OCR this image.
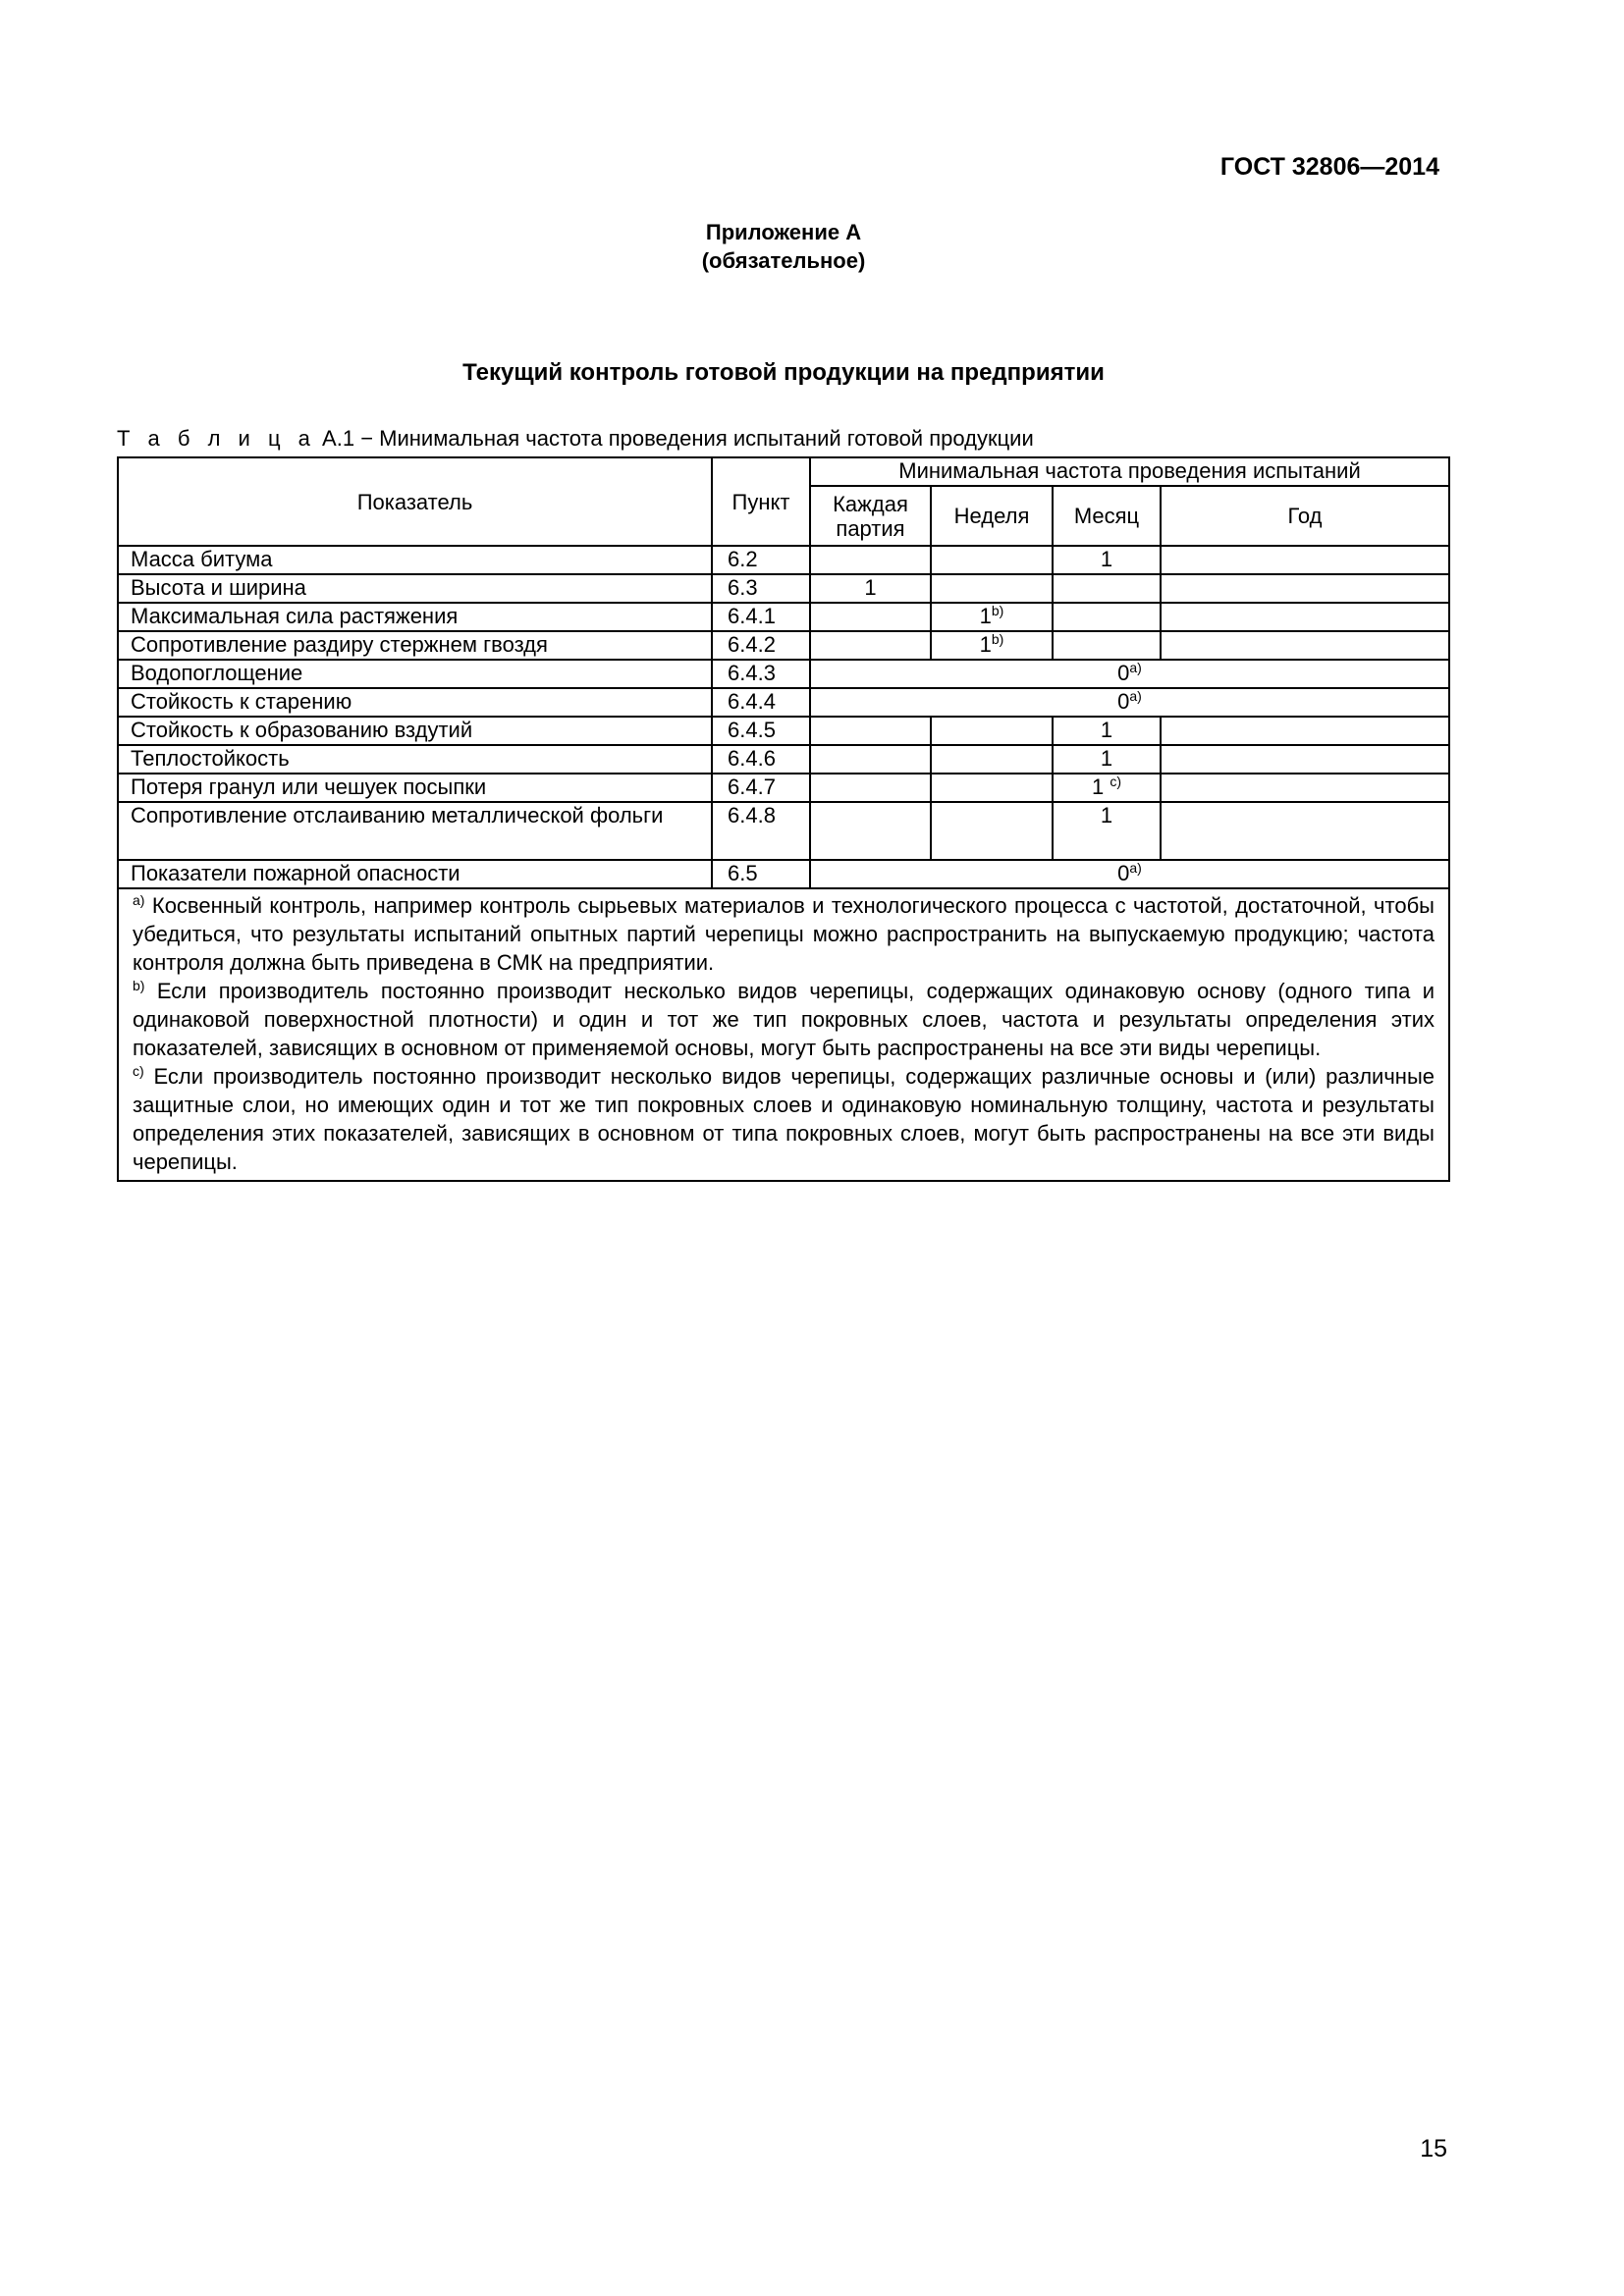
ГОСТ 32806—2014
Приложение А
(обязательное)
Текущий контроль готовой продукции на предприятии
Т а б л и ц а А.1 − Минимальная частота проведения испытаний готовой продукции
Показатель	Пункт	Минимальная частота проведения испытаний			
		Каждая партия	Неделя	Месяц	Год
Масса битума	6.2			1	
Высота и ширина	6.3	1			
Максимальная сила растяжения	6.4.1		1$^{b)}$		
Сопротивление раздиру стержнем гвоздя	6.4.2		1$^{b)}$		
Водопоглощение	6.4.3	0$^{a)}$
Стойкость к старению	6.4.4	0$^{a)}$
Стойкость к образованию вздутий	6.4.5			1	
Теплостойкость	6.4.6			1	
Потеря гранул или чешуек посыпки	6.4.7			1 $^{c)}$	
Сопротивление отслаиванию металлической фольги	6.4.8			1	
Показатели пожарной опасности	6.5	0$^{a)}$

$^{a)}$ Косвенный контроль, например контроль сырьевых материалов и технологического процесса с частотой, достаточной, чтобы убедиться, что результаты испытаний опытных партий черепицы можно распространить на выпускаемую продукцию; частота контроля должна быть приведена в СМК на предприятии.
$^{b)}$ Если производитель постоянно производит несколько видов черепицы, содержащих одинаковую основу (одного типа и одинаковой поверхностной плотности) и один и тот же тип покровных слоев, частота и результаты определения этих показателей, зависящих в основном от применяемой основы, могут быть распространены на все эти виды черепицы.
$^{c)}$ Если производитель постоянно производит несколько видов черепицы, содержащих различные основы и (или) различные защитные слои, но имеющих один и тот же тип покровных слоев и одинаковую номинальную толщину, частота и результаты определения этих показателей, зависящих в основном от типа покровных слоев, могут быть распространены на все эти виды черепицы.					
15
